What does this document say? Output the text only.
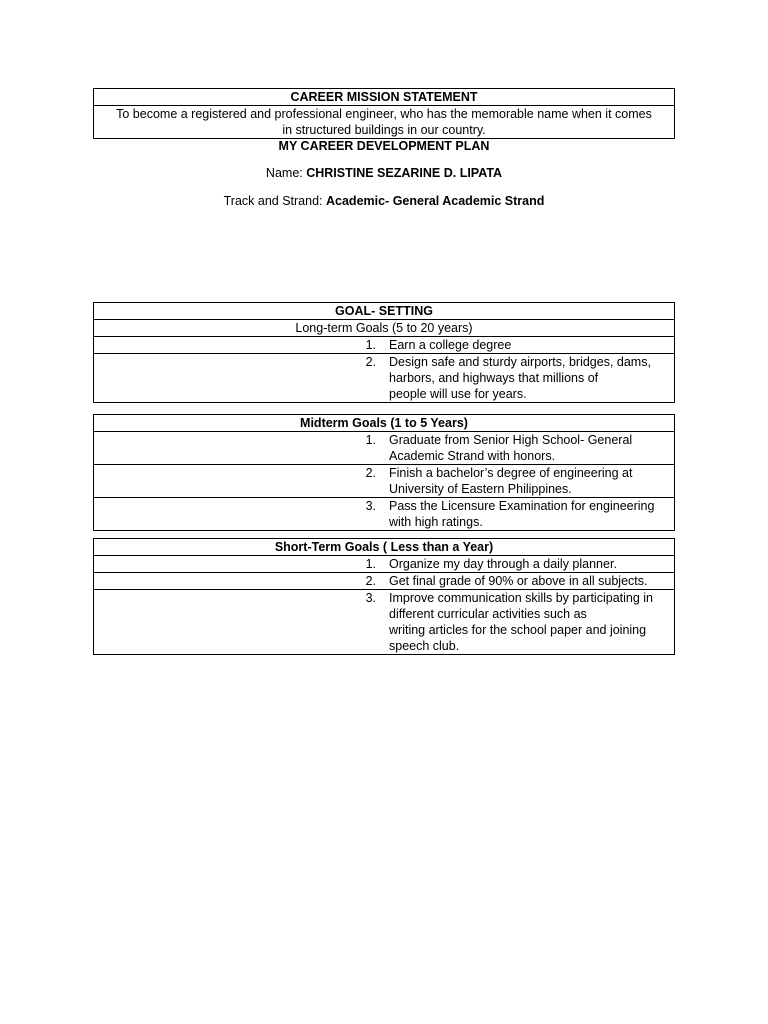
CAREER MISSION STATEMENT

To become a registered and professional engineer, who has the memorable name when it comes
in structured buildings in our country.
MY CAREER DEVELOPMENT PLAN
Name: CHRISTINE SEZARINE D. LIPATA
Track and Strand: Academic- General Academic Strand
GOAL- SETTING	
Long-term Goals (5 to 20 years)	
1.	Earn a college degree

2.	Design safe and sturdy airports, bridges, dams, harbors, and highways that millions of
people will use for years.
Midterm Goals (1 to 5 Years)	
1.	Graduate from Senior High School- General Academic Strand with honors.
2.	Finish a bachelor’s degree of engineering at University of Eastern Philippines.
3.	Pass the Licensure Examination for engineering with high ratings.
Short-Term Goals ( Less than a Year)	
1.	Organize my day through a daily planner.
2.	Get final grade of 90% or above in all subjects.
3.	Improve communication skills by participating in different curricular activities such as
writing articles for the school paper and joining speech club.
